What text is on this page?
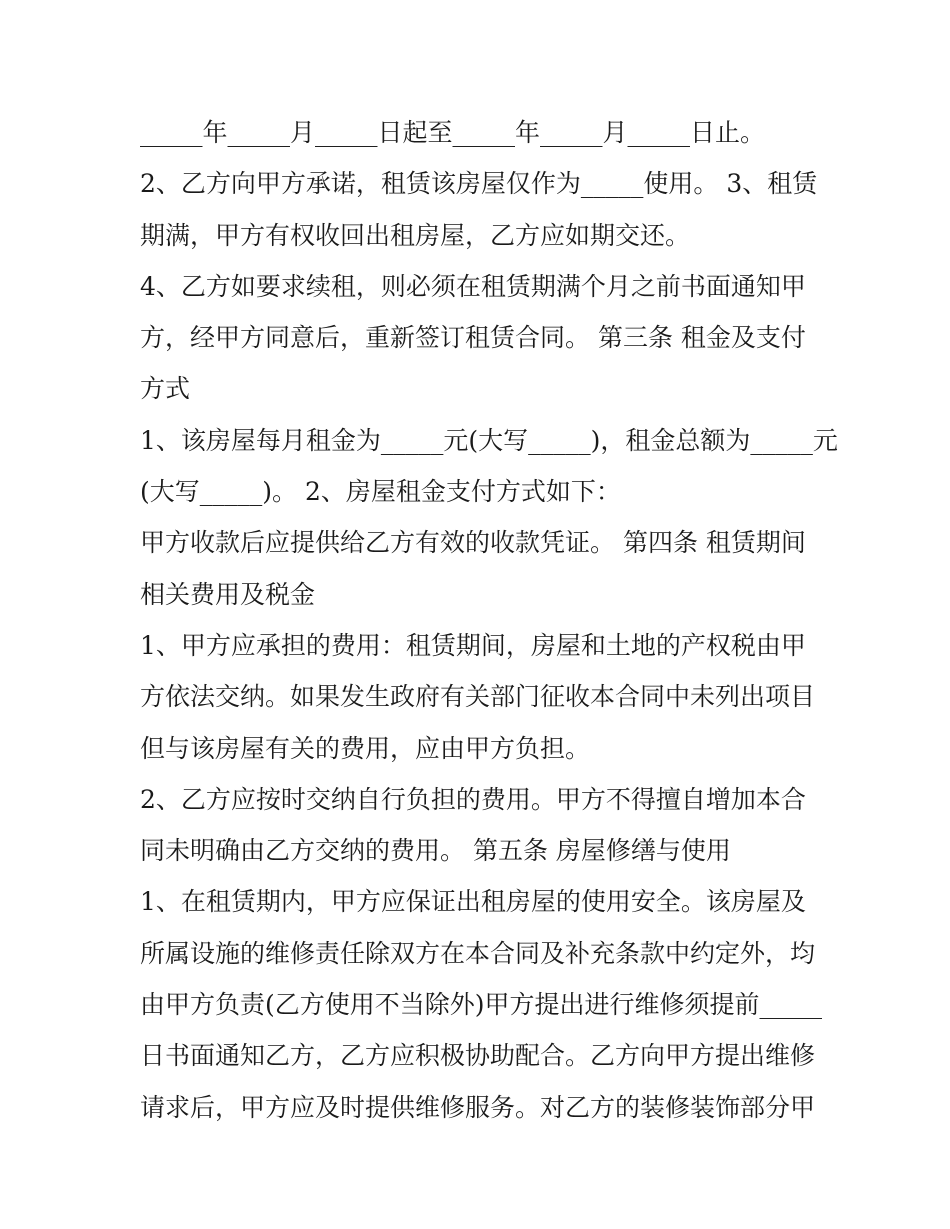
_____年_____月_____日起至_____年_____月_____日止。
2、乙方向甲方承诺，租赁该房屋仅作为_____使用。 3、租赁
期满，甲方有权收回出租房屋，乙方应如期交还。
4、乙方如要求续租，则必须在租赁期满个月之前书面通知甲
方，经甲方同意后，重新签订租赁合同。 第三条 租金及支付
方式
1、该房屋每月租金为_____元(大写_____)，租金总额为_____元
(大写_____)。 2、房屋租金支付方式如下：
甲方收款后应提供给乙方有效的收款凭证。 第四条 租赁期间
相关费用及税金
1、甲方应承担的费用：租赁期间，房屋和土地的产权税由甲
方依法交纳。如果发生政府有关部门征收本合同中未列出项目
但与该房屋有关的费用，应由甲方负担。
2、乙方应按时交纳自行负担的费用。甲方不得擅自增加本合
同未明确由乙方交纳的费用。 第五条 房屋修缮与使用
1、在租赁期内，甲方应保证出租房屋的使用安全。该房屋及
所属设施的维修责任除双方在本合同及补充条款中约定外，均
由甲方负责(乙方使用不当除外)甲方提出进行维修须提前_____
日书面通知乙方，乙方应积极协助配合。乙方向甲方提出维修
请求后，甲方应及时提供维修服务。对乙方的装修装饰部分甲
